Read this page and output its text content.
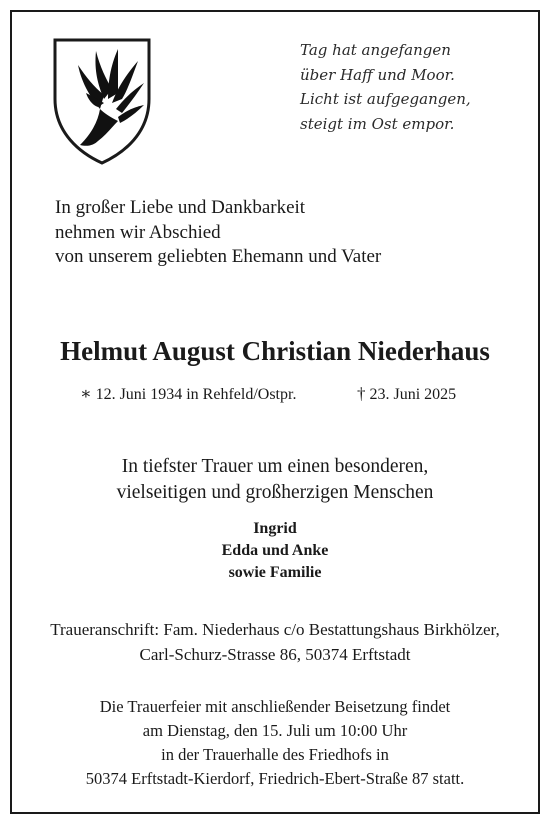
Tag hat angefangen
über Haff und Moor.
Licht ist aufgegangen,
steigt im Ost empor.
In großer Liebe und Dankbarkeit
nehmen wir Abschied
von unserem geliebten Ehemann und Vater
Helmut August Christian Niederhaus
∗ 12. Juni 1934 in Rehfeld/Ostpr.	† 23. Juni 2025
In tiefster Trauer um einen besonderen,
vielseitigen und großherzigen Menschen
Ingrid
Edda und Anke
sowie Familie
Traueranschrift: Fam. Niederhaus c/o Bestattungshaus Birkhölzer,
Carl-Schurz-Strasse 86, 50374 Erftstadt
Die Trauerfeier mit anschließender Beisetzung findet
am Dienstag, den 15. Juli um 10:00 Uhr
in der Trauerhalle des Friedhofs in
50374 Erftstadt-Kierdorf, Friedrich-Ebert-Straße 87 statt.
